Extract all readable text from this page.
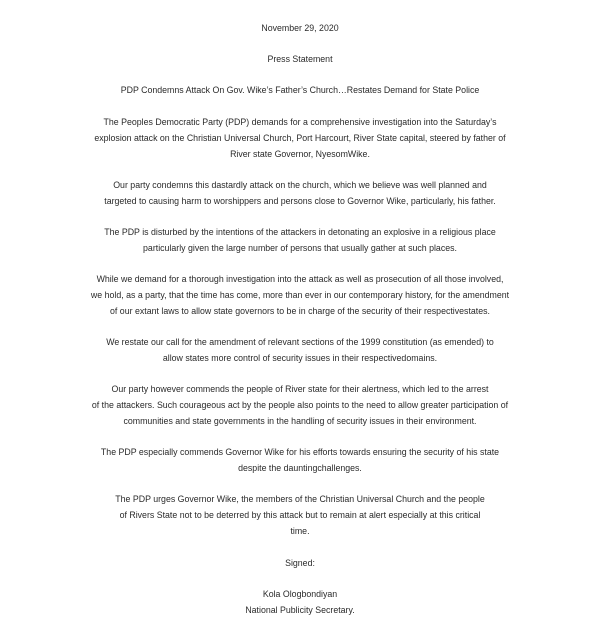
November 29, 2020
Press Statement
PDP Condemns Attack On Gov. Wike’s Father’s Church…Restates Demand for State Police
The Peoples Democratic Party (PDP) demands for a comprehensive investigation into the Saturday’s
explosion attack on the Christian Universal Church, Port Harcourt, River State capital, steered by father of
River state Governor, NyesomWike.
Our party condemns this dastardly attack on the church, which we believe was well planned and
targeted to causing harm to worshippers and persons close to Governor Wike, particularly, his father.
The PDP is disturbed by the intentions of the attackers in detonating an explosive in a religious place
particularly given the large number of persons that usually gather at such places.
While we demand for a thorough investigation into the attack as well as prosecution of all those involved,
we hold, as a party, that the time has come, more than ever in our contemporary history, for the amendment
of our extant laws to allow state governors to be in charge of the security of their respectivestates.
We restate our call for the amendment of relevant sections of the 1999 constitution (as emended) to
allow states more control of security issues in their respectivedomains.
Our party however commends the people of River state for their alertness, which led to the arrest
of the attackers. Such courageous act by the people also points to the need to allow greater participation of
communities and state governments in the handling of security issues in their environment.
The PDP especially commends Governor Wike for his efforts towards ensuring the security of his state
despite the dauntingchallenges.
The PDP urges Governor Wike, the members of the Christian Universal Church and the people
of Rivers State not to be deterred by this attack but to remain at alert especially at this critical
time.
Signed:
Kola Ologbondiyan
National Publicity Secretary.
